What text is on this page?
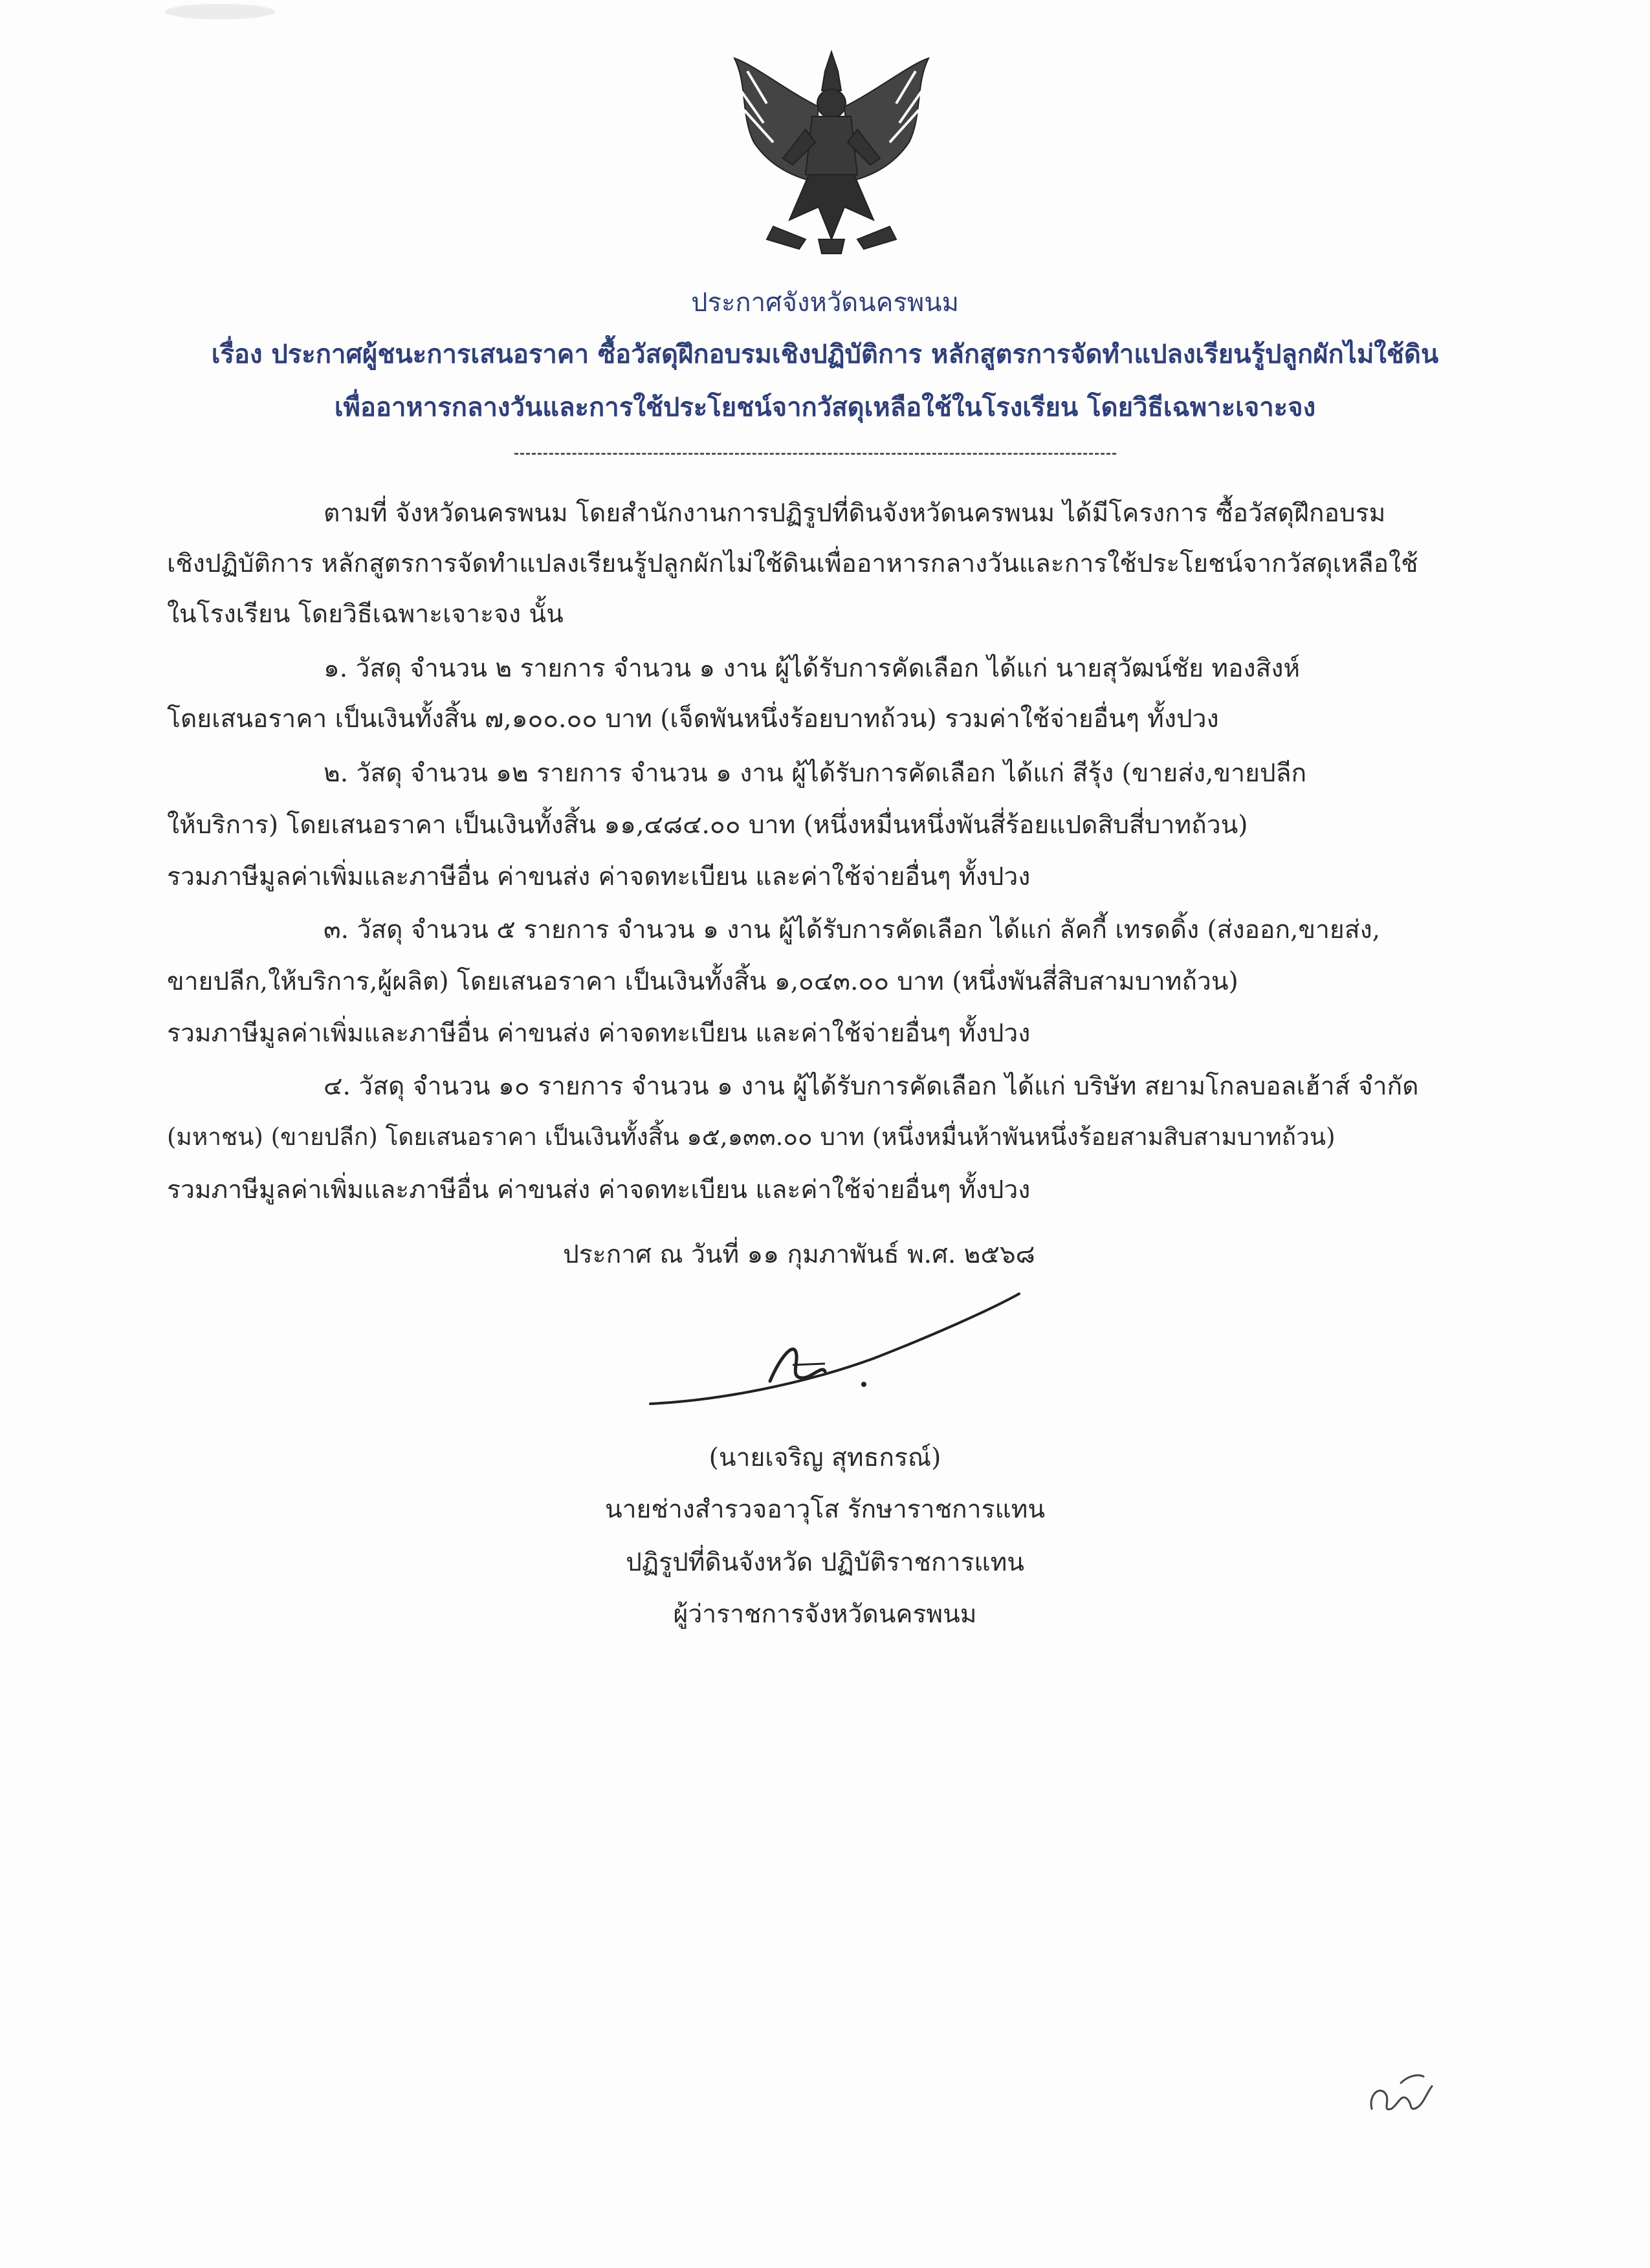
ประกาศจังหวัดนครพนม
เรื่อง ประกาศผู้ชนะการเสนอราคา ซื้อวัสดุฝึกอบรมเชิงปฏิบัติการ หลักสูตรการจัดทำแปลงเรียนรู้ปลูกผักไม่ใช้ดิน
เพื่ออาหารกลางวันและการใช้ประโยชน์จากวัสดุเหลือใช้ในโรงเรียน โดยวิธีเฉพาะเจาะจง
ตามที่ จังหวัดนครพนม โดยสำนักงานการปฏิรูปที่ดินจังหวัดนครพนม ได้มีโครงการ ซื้อวัสดุฝึกอบรม
เชิงปฏิบัติการ หลักสูตรการจัดทำแปลงเรียนรู้ปลูกผักไม่ใช้ดินเพื่ออาหารกลางวันและการใช้ประโยชน์จากวัสดุเหลือใช้
ในโรงเรียน โดยวิธีเฉพาะเจาะจง นั้น
๑. วัสดุ จำนวน ๒ รายการ จำนวน ๑ งาน ผู้ได้รับการคัดเลือก ได้แก่ นายสุวัฒน์ชัย ทองสิงห์
โดยเสนอราคา เป็นเงินทั้งสิ้น ๗,๑๐๐.๐๐ บาท (เจ็ดพันหนึ่งร้อยบาทถ้วน) รวมค่าใช้จ่ายอื่นๆ ทั้งปวง
๒. วัสดุ จำนวน ๑๒ รายการ จำนวน ๑ งาน ผู้ได้รับการคัดเลือก ได้แก่ สีรุ้ง (ขายส่ง,ขายปลีก
ให้บริการ) โดยเสนอราคา เป็นเงินทั้งสิ้น ๑๑,๔๘๔.๐๐ บาท (หนึ่งหมื่นหนึ่งพันสี่ร้อยแปดสิบสี่บาทถ้วน)
รวมภาษีมูลค่าเพิ่มและภาษีอื่น ค่าขนส่ง ค่าจดทะเบียน และค่าใช้จ่ายอื่นๆ ทั้งปวง
๓. วัสดุ จำนวน ๕ รายการ จำนวน ๑ งาน ผู้ได้รับการคัดเลือก ได้แก่ ลัคกี้ เทรดดิ้ง (ส่งออก,ขายส่ง,
ขายปลีก,ให้บริการ,ผู้ผลิต) โดยเสนอราคา เป็นเงินทั้งสิ้น ๑,๐๔๓.๐๐ บาท (หนึ่งพันสี่สิบสามบาทถ้วน)
รวมภาษีมูลค่าเพิ่มและภาษีอื่น ค่าขนส่ง ค่าจดทะเบียน และค่าใช้จ่ายอื่นๆ ทั้งปวง
๔. วัสดุ จำนวน ๑๐ รายการ จำนวน ๑ งาน ผู้ได้รับการคัดเลือก ได้แก่ บริษัท สยามโกลบอลเฮ้าส์ จำกัด
(มหาชน) (ขายปลีก) โดยเสนอราคา เป็นเงินทั้งสิ้น ๑๕,๑๓๓.๐๐ บาท (หนึ่งหมื่นห้าพันหนึ่งร้อยสามสิบสามบาทถ้วน)
รวมภาษีมูลค่าเพิ่มและภาษีอื่น ค่าขนส่ง ค่าจดทะเบียน และค่าใช้จ่ายอื่นๆ ทั้งปวง
ประกาศ ณ วันที่ ๑๑ กุมภาพันธ์ พ.ศ. ๒๕๖๘
(นายเจริญ สุทธกรณ์)
นายช่างสำรวจอาวุโส รักษาราชการแทน
ปฏิรูปที่ดินจังหวัด ปฏิบัติราชการแทน
ผู้ว่าราชการจังหวัดนครพนม
